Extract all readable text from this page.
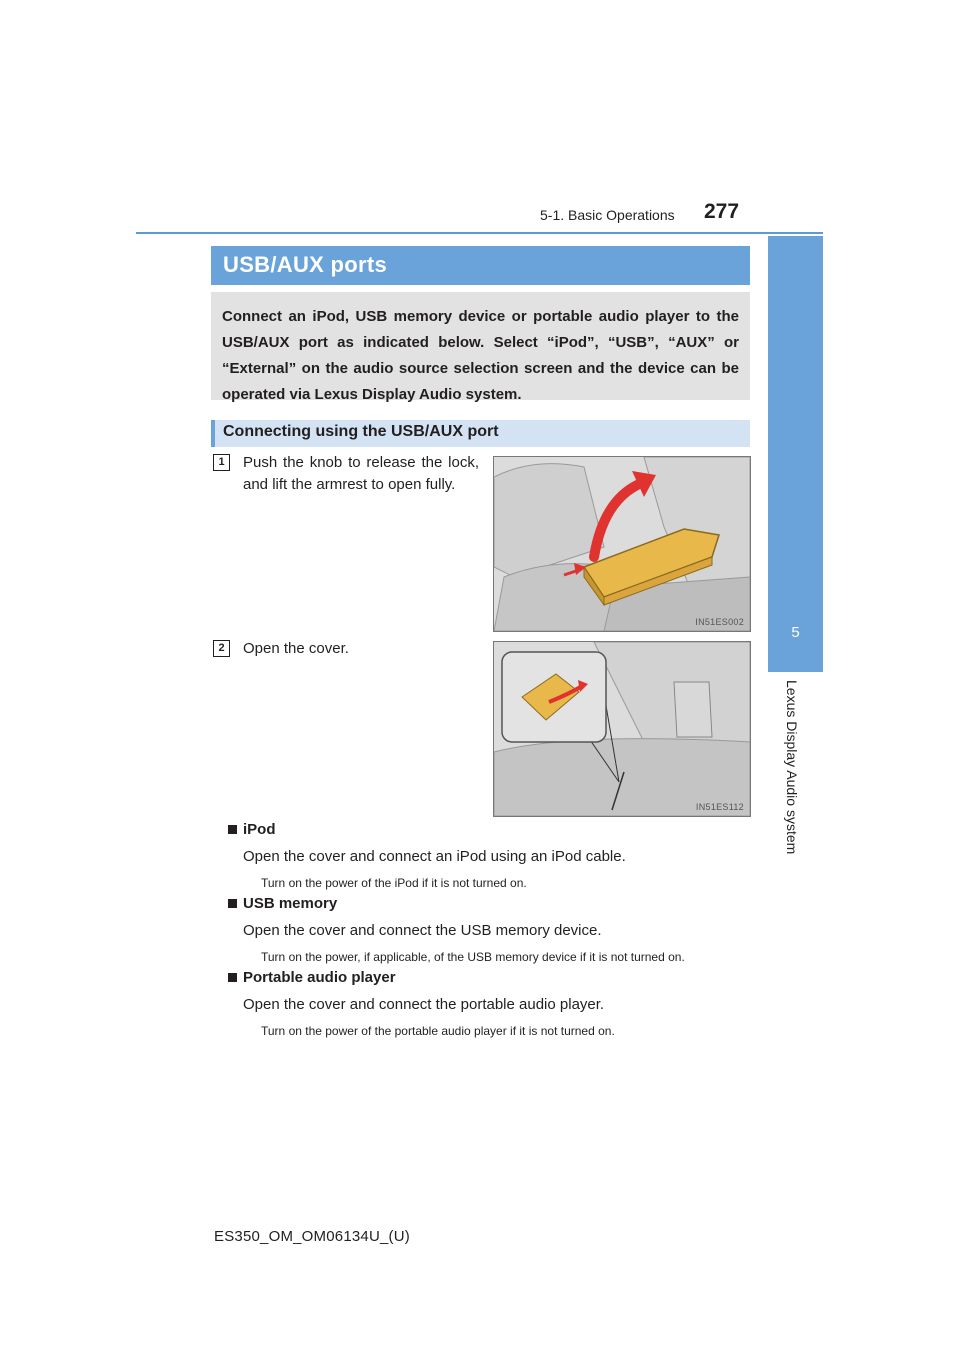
5-1. Basic Operations 277
5
Lexus Display Audio system
USB/AUX ports
Connect an iPod, USB memory device or portable audio player to the USB/AUX port as indicated below. Select “iPod”, “USB”, “AUX” or “External” on the audio source selection screen and the device can be operated via Lexus Display Audio system.
Connecting using the USB/AUX port
1	Push the knob to release the lock, and lift the armrest to open fully.
IN51ES002
2	Open the cover.
IN51ES112
iPod
Open the cover and connect an iPod using an iPod cable.
Turn on the power of the iPod if it is not turned on.
USB memory
Open the cover and connect the USB memory device.
Turn on the power, if applicable, of the USB memory device if it is not turned on.
Portable audio player
Open the cover and connect the portable audio player.
Turn on the power of the portable audio player if it is not turned on.
ES350_OM_OM06134U_(U)
